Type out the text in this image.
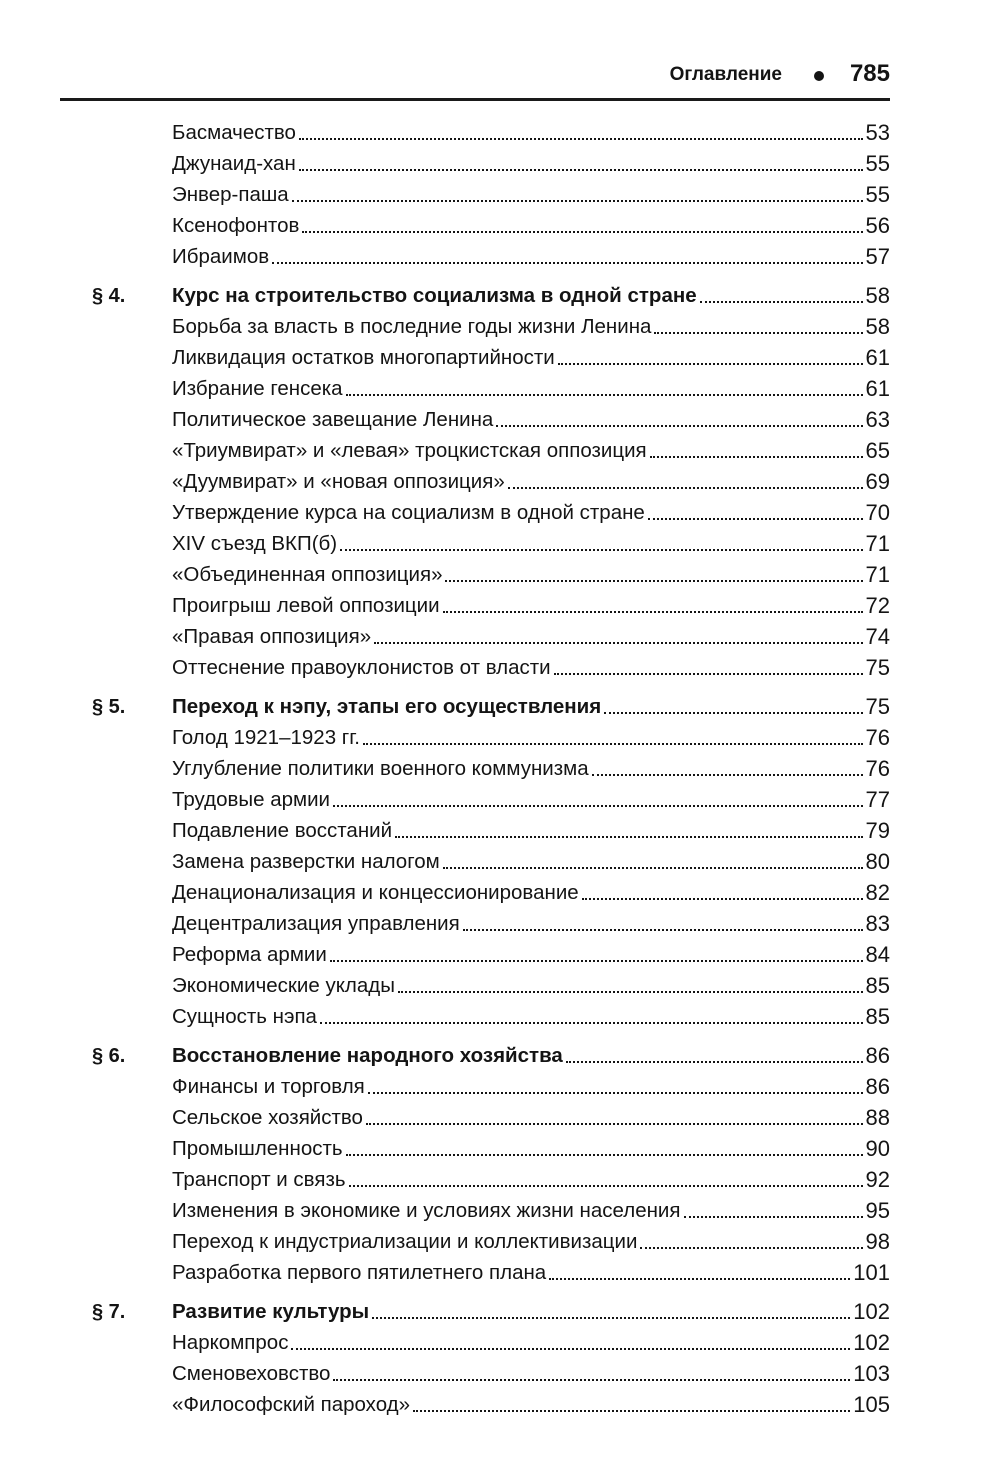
Оглавление	785
Басмачество	53
Джунаид-хан	55
Энвер-паша	55
Ксенофонтов	56
Ибраимов	57
§ 4.	Курс на строительство социализма в одной стране	58
Борьба за власть в последние годы жизни Ленина	58
Ликвидация остатков многопартийности	61
Избрание генсека	61
Политическое завещание Ленина	63
«Триумвират» и «левая» троцкистская оппозиция	65
«Дуумвират» и «новая оппозиция»	69
Утверждение курса на социализм в одной стране	70
XIV съезд ВКП(б)	71
«Объединенная оппозиция»	71
Проигрыш левой оппозиции	72
«Правая оппозиция»	74
Оттеснение правоуклонистов от власти	75
§ 5.	Переход к нэпу, этапы его осуществления	75
Голод 1921–1923 гг.	76
Углубление политики военного коммунизма	76
Трудовые армии	77
Подавление восстаний	79
Замена разверстки налогом	80
Денационализация и концессионирование	82
Децентрализация управления	83
Реформа армии	84
Экономические уклады	85
Сущность нэпа	85
§ 6.	Восстановление народного хозяйства	86
Финансы и торговля	86
Сельское хозяйство	88
Промышленность	90
Транспорт и связь	92
Изменения в экономике и условиях жизни населения	95
Переход к индустриализации и коллективизации	98
Разработка первого пятилетнего плана	101
§ 7.	Развитие культуры	102
Наркомпрос	102
Сменовеховство	103
«Философский пароход»	105
